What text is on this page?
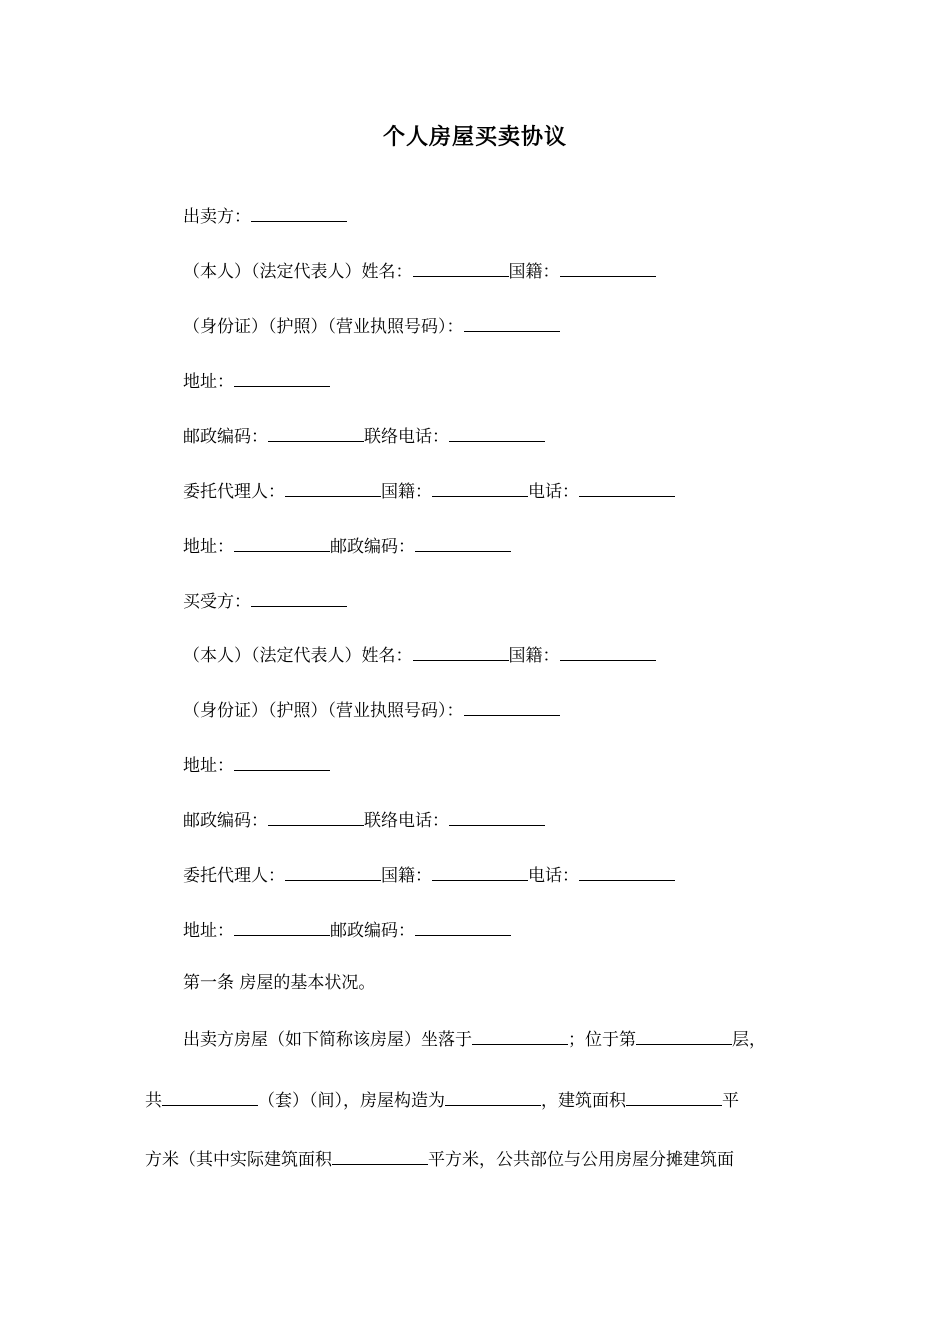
个人房屋买卖协议
出卖方：
（本人）（法定代表人）姓名：	国籍：
（身份证）（护照）（营业执照号码）：
地址：
邮政编码：	联络电话：
委托代理人：	国籍：	电话：
地址：	邮政编码：
买受方：
（本人）（法定代表人）姓名：	国籍：
（身份证）（护照）（营业执照号码）：
地址：
邮政编码：	联络电话：
委托代理人：	国籍：	电话：
地址：	邮政编码：
第一条 房屋的基本状况。
出卖方房屋（如下简称该房屋）坐落于	；位于第	层，
共	（套）（间），房屋构造为	，建筑面积	平
方米（其中实际建筑面积	平方米，公共部位与公用房屋分摊建筑面
